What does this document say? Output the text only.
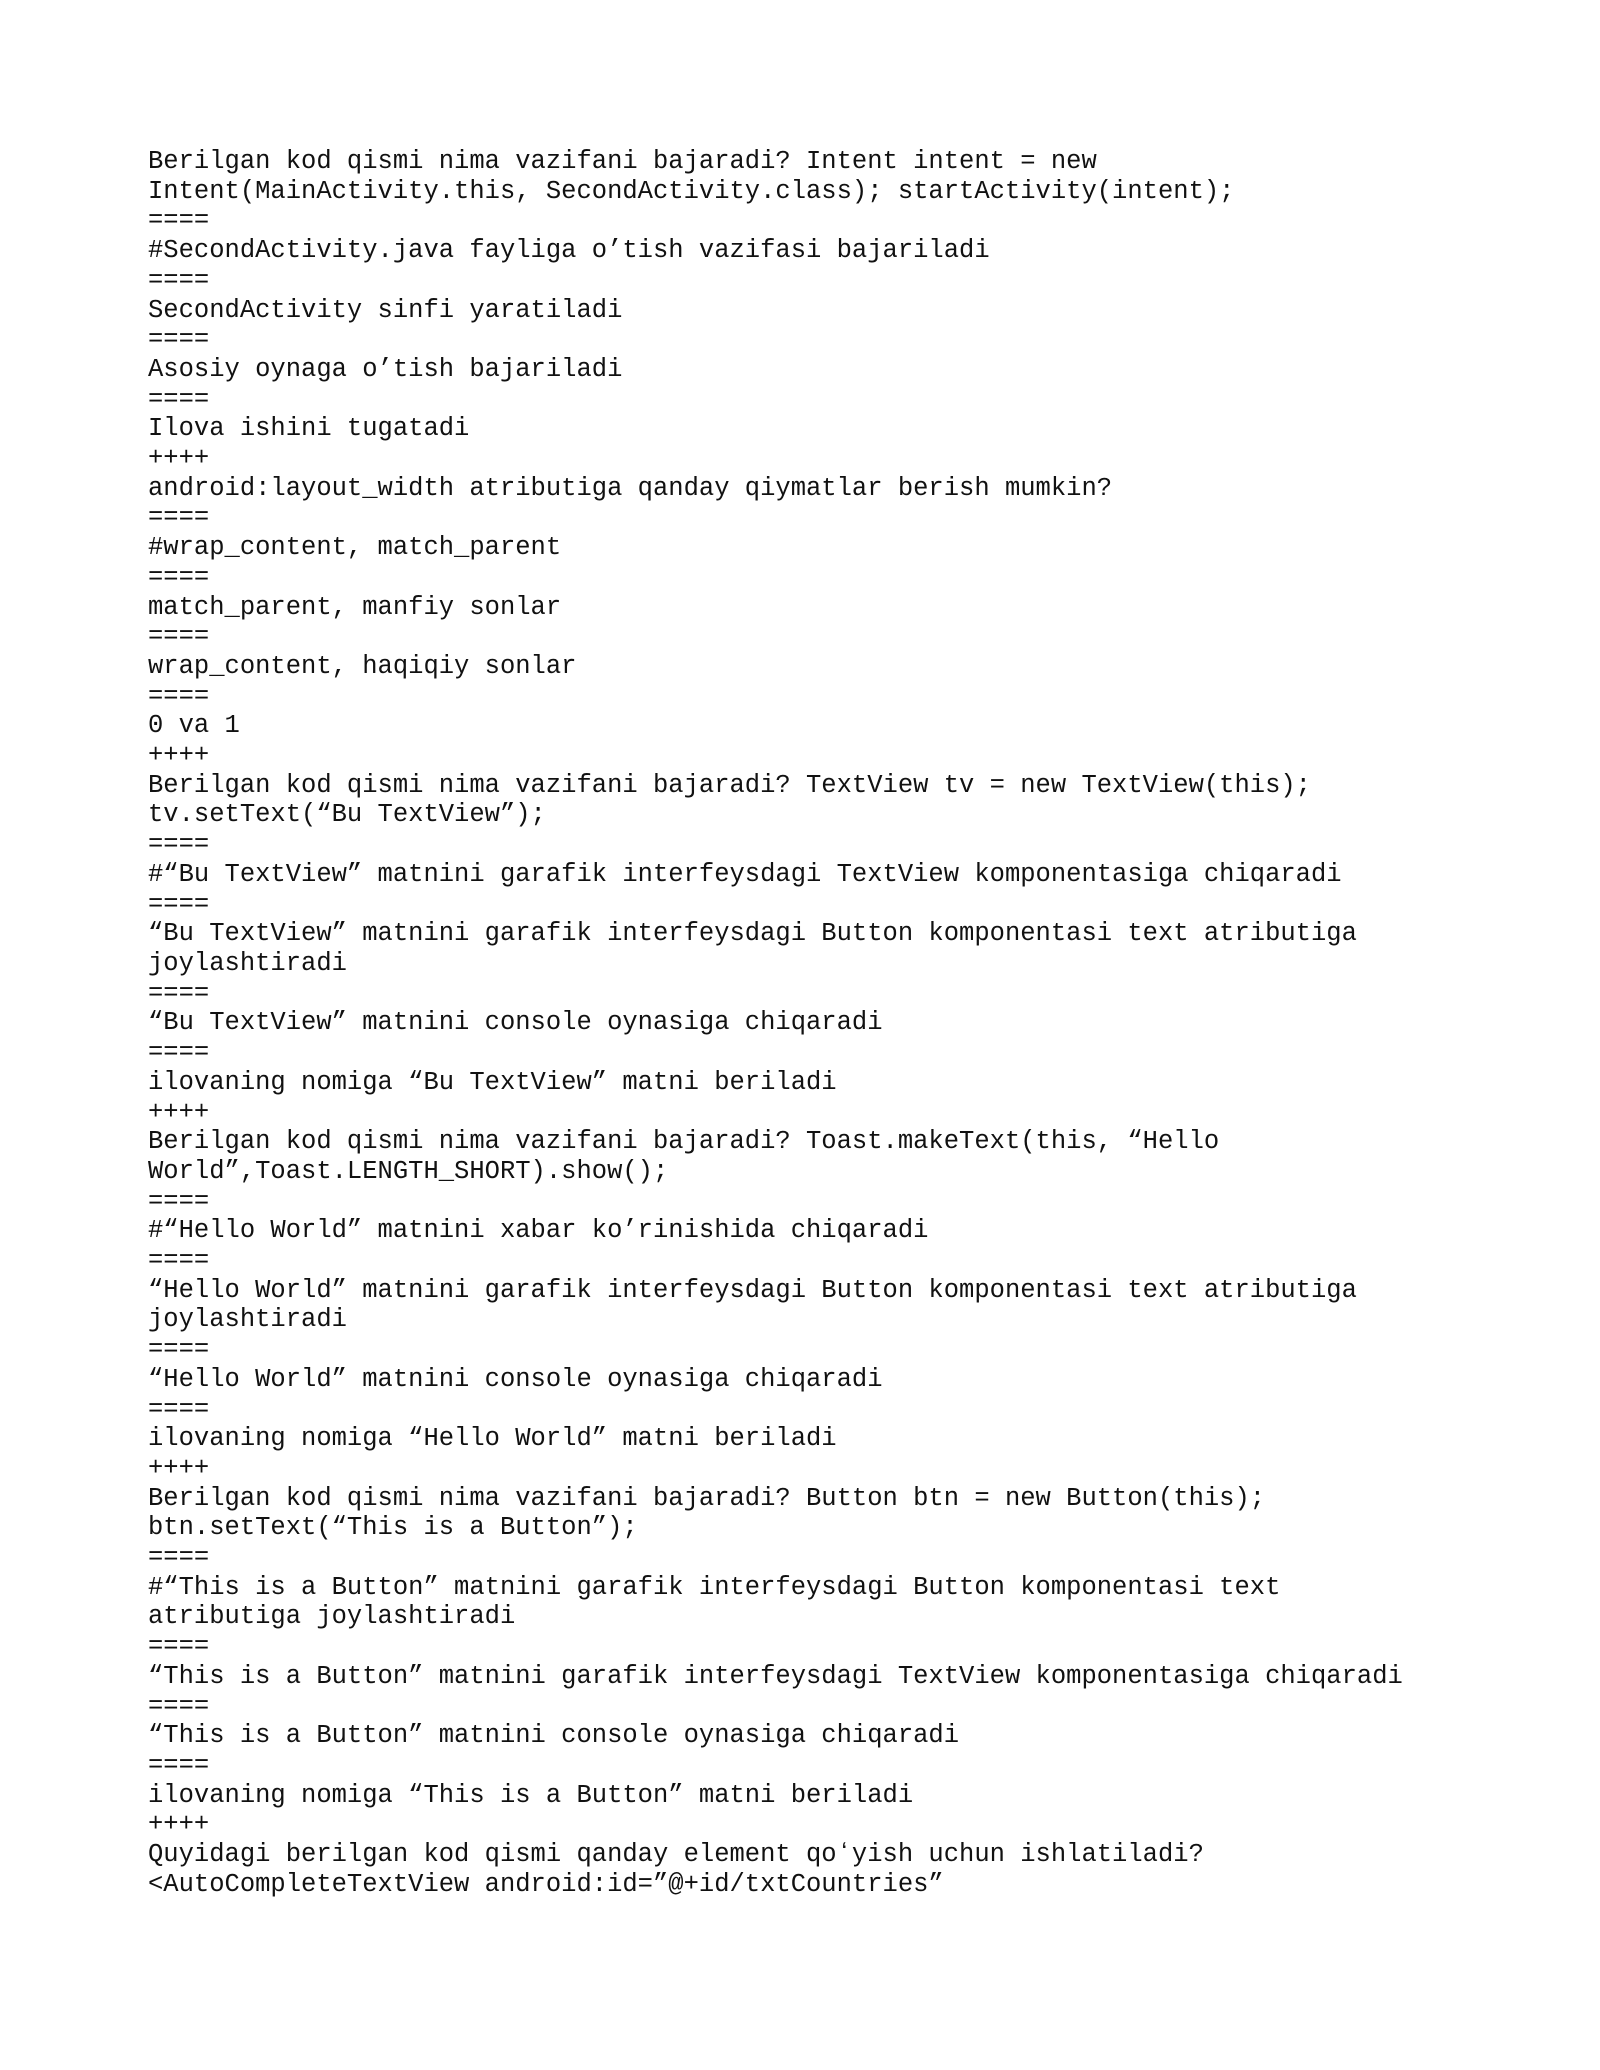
Berilgan kod qismi nima vazifani bajaradi? Intent intent = new
Intent(MainActivity.this, SecondActivity.class); startActivity(intent);
====
#SecondActivity.java fayliga o’tish vazifasi bajariladi
====
SecondActivity sinfi yaratiladi
====
Asosiy oynaga o’tish bajariladi
====
Ilova ishini tugatadi
++++
android:layout_width atributiga qanday qiymatlar berish mumkin?
====
#wrap_content, match_parent
====
match_parent, manfiy sonlar
====
wrap_content, haqiqiy sonlar
====
0 va 1
++++
Berilgan kod qismi nima vazifani bajaradi? TextView tv = new TextView(this);
tv.setText(“Bu TextView”);
====
#“Bu TextView” matnini garafik interfeysdagi TextView komponentasiga chiqaradi
====
“Bu TextView” matnini garafik interfeysdagi Button komponentasi text atributiga
joylashtiradi
====
“Bu TextView” matnini console oynasiga chiqaradi
====
ilovaning nomiga “Bu TextView” matni beriladi
++++
Berilgan kod qismi nima vazifani bajaradi? Toast.makeText(this, “Hello
World”,Toast.LENGTH_SHORT).show();
====
#“Hello World” matnini xabar ko’rinishida chiqaradi
====
“Hello World” matnini garafik interfeysdagi Button komponentasi text atributiga
joylashtiradi
====
“Hello World” matnini console oynasiga chiqaradi
====
ilovaning nomiga “Hello World” matni beriladi
++++
Berilgan kod qismi nima vazifani bajaradi? Button btn = new Button(this);
btn.setText(“This is a Button”);
====
#“This is a Button” matnini garafik interfeysdagi Button komponentasi text
atributiga joylashtiradi
====
“This is a Button” matnini garafik interfeysdagi TextView komponentasiga chiqaradi
====
“This is a Button” matnini console oynasiga chiqaradi
====
ilovaning nomiga “This is a Button” matni beriladi
++++
Quyidagi berilgan kod qismi qanday element qoʻyish uchun ishlatiladi?
<AutoCompleteTextView android:id=”@+id/txtCountries”
